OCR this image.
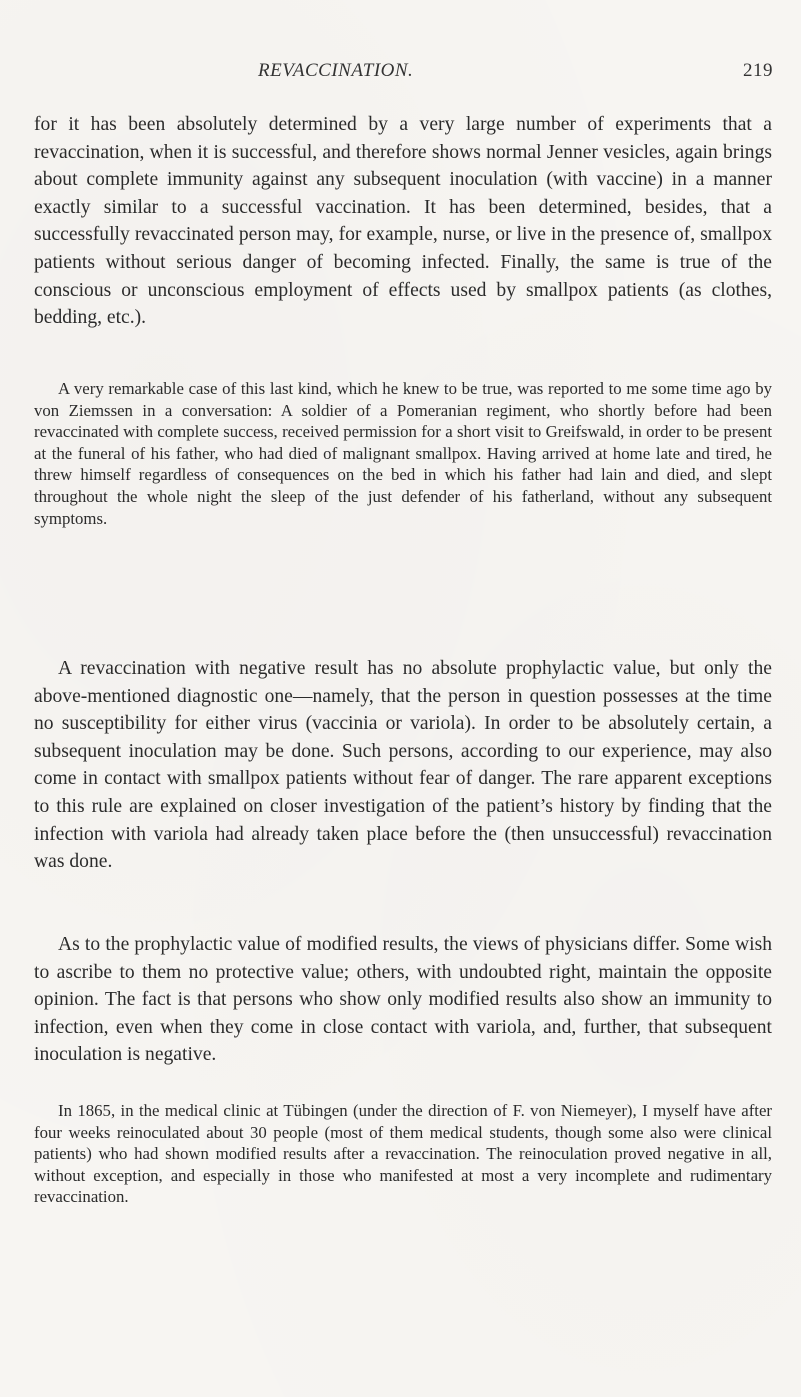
REVACCINATION.	219

for it has been absolutely determined by a very large number of experiments that a revaccination, when it is successful, and therefore shows normal Jenner vesicles, again brings about complete immunity against any subsequent inoculation (with vaccine) in a manner exactly similar to a successful vaccination. It has been determined, besides, that a successfully revaccinated person may, for example, nurse, or live in the presence of, smallpox patients without serious danger of becoming infected. Finally, the same is true of the conscious or unconscious employment of effects used by smallpox patients (as clothes, bedding, etc.).

A very remarkable case of this last kind, which he knew to be true, was reported to me some time ago by von Ziemssen in a conversation: A soldier of a Pomeranian regiment, who shortly before had been revaccinated with complete success, received permission for a short visit to Greifswald, in order to be present at the funeral of his father, who had died of malignant smallpox. Having arrived at home late and tired, he threw himself regardless of consequences on the bed in which his father had lain and died, and slept throughout the whole night the sleep of the just defender of his fatherland, without any subsequent symptoms.

A revaccination with negative result has no absolute prophylactic value, but only the above-mentioned diagnostic one—namely, that the person in question possesses at the time no susceptibility for either virus (vaccinia or variola). In order to be absolutely certain, a subsequent inoculation may be done. Such persons, according to our experience, may also come in contact with smallpox patients without fear of danger. The rare apparent exceptions to this rule are explained on closer investigation of the patient’s history by finding that the infection with variola had already taken place before the (then unsuccessful) revaccination was done.

As to the prophylactic value of modified results, the views of physicians differ. Some wish to ascribe to them no protective value; others, with undoubted right, maintain the opposite opinion. The fact is that persons who show only modified results also show an immunity to infection, even when they come in close contact with variola, and, further, that subsequent inoculation is negative.

In 1865, in the medical clinic at Tübingen (under the direction of F. von Niemeyer), I myself have after four weeks reinoculated about 30 people (most of them medical students, though some also were clinical patients) who had shown modified results after a revaccination. The reinoculation proved negative in all, without exception, and especially in those who manifested at most a very incomplete and rudimentary revaccination.
